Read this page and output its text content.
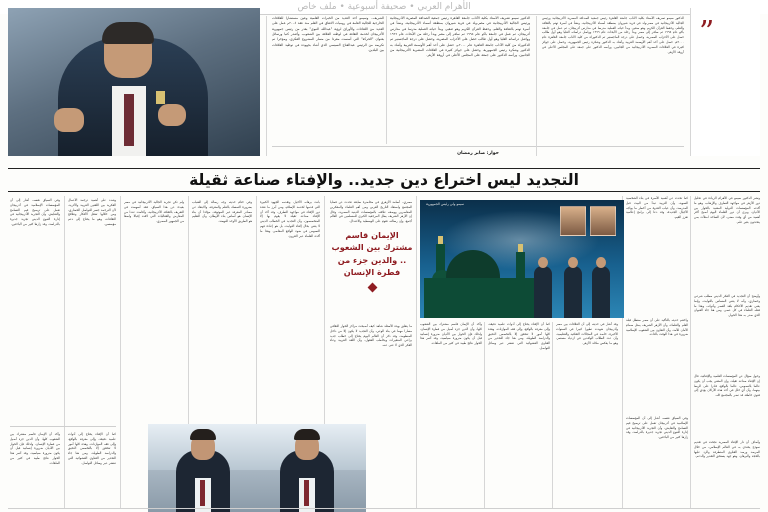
الأهرام العربي • صحيفة أسبوعية • ملف خاص
الدكتور سيمو تصريف الأستاذ بكلية الآداب جامعة القاهرة رئيس جمعية الصداقة المصرية الأذربيجانية ورئيس الجالية الأذربيجانية في مصر،ولد في قرية شيروان بمنطقة أسماء الأذربيجانية، ونشأ في أسرة تهتم بالثقافة والعلم، وحفظ القرآن الكريم وهو صغير، وبدأ حياته العملية مدرسا في مدارس أذربيجان، ثم عمل في جامعة باكو عام ١٩٩٥ ثم سافر إلى مصر وبدأ رحلة من الأبحاث عام ١٩٩٦ وواصل دراساته العليا وهو أول طالب حصل على الأحزاب المصرية، وحصل على درجة الماجستير ثم الدكتوراه من كلية الآداب جامعة القاهرة عام ٢٠٠٠م، حصل على أحد أهم الأوسمة العربية وأشاد به الدكتور وشكره رئيس الجمهورية، وحصل على جوائز كثيرة في العلاقات المصرية الأذربيجانية من الجانبين، ورأسه الدكتور على جمعة على المجلس الأعلى في أروقة الأزهر.
الشريف.. وسيمو أحد العديد من الخبرات العلمية وعين مستشارا للعلاقات الخارجية للجالية العامة في روميات الاتفاق في العلم منذ عقد ٢٠٠٤م عمل على العديد من اللقاءات والأوراق لرؤية "عبدالله النبوي" بقدر من رئيس جمهورية الأذربيجان لخدمة الثقافة في لوطنه العلاقة بين الشعوب، وأصدر كتبا ورسائل بعنوان "الحركة" التي أسست مفردا من مسار المشروع الفكري، ومؤخرا تم تكريمه من الرئيس عبدالفتاح السيسي الذي أشاد بجهوده في توطيد العلاقات بين البلدين.
حوار: صابر رمضان
”
الدكتور سيمو تصريف الأستاذ بكلية الآداب جامعة القاهرة رئيس جمعية الصداقة المصرية الأذربيجانية ورئيس الجالية الأذربيجانية في مصر،ولد في قرية شيروان بمنطقة أسماء الأذربيجانية، ونشأ في أسرة تهتم بالثقافة والعلم، وحفظ القرآن الكريم وهو صغير، وبدأ حياته العملية مدرسا في مدارس أذربيجان، ثم عمل في جامعة باكو عام ١٩٩٥ ثم سافر إلى مصر وبدأ رحلة من الأبحاث عام ١٩٩٦ وواصل دراساته العليا وهو أول طالب حصل على الأحزاب المصرية، وحصل على درجة الماجستير ثم الدكتوراه من كلية الآداب جامعة القاهرة عام ٢٠٠٠م، حصل على أحد أهم الأوسمة العربية وأشاد به الدكتور وشكره رئيس الجمهورية، وحصل على جوائز كثيرة في العلاقات المصرية الأذربيجانية من الجانبين، ورأسه الدكتور على جمعة على المجلس الأعلى في أروقة الأزهر.
التجديد ليس اختراع دين جديد.. والإفتاء صناعة ثقيلة
ونشر الدكتور سيمو في الأهرام الزيادة في تحليل دور الأزهر في مواجهة التطرف والإرهاب، وهو ما أكدته المؤسسات الدولية المعنية بالحوار بين الأديان، ويرى أن دور العلماء اليوم أصبح أكثر أهمية من أي وقت مضى، لأن الساحة امتلأت بمن يتحدثون بغير علم.
وأوضح أن التجديد في الفكر الديني مطلب شرعي وحضاري، وأنه لا يعني المساس بالثوابت، وإنما يعني تقديم الأحكام بلغة العصر وأدواته، وهذا ما فعله العلماء في كل عصر، ومن هنا جاء العنوان الذي صدر به هذا الحوار.
وحول سؤال عن المؤسسات العلمية والإفتائية، قال إن الإفتاء صناعة ثقيلة، وإن المفتي يجب أن يكون عالما بالنصوص، عالما بالواقع، قادرا على الربط بينهما، وأن أي خلل في أحد هذه الأركان يؤدي إلى فتوى خاطئة قد تضر بالمجتمع كله.
وأضاف أن دار الإفتاء المصرية نجحت في تقديم نموذج يحتذى به في العالم الإسلامي، من خلال المرصد ورصد الفتاوى المتطرفة والرد عليها بالحجة والبرهان، وهو جهد يستحق التقدير والدعم.
كما تحدث عن أهمية الأسرة في بناء الشخصية السوية، وأن التربية تبدأ من البيت قبل المدرسة، وأن غياب القدوة من أخطر ما يواجه الأجيال الجديدة، وقد دعا إلى برامج إعلامية تعزز القيم.
واختتم حديثه بالتأكيد على أن مصر ستظل قبلة العلم والعلماء، وأن الأزهر الشريف يمثل صمام الأمان للأمة، وأن التعاون بين الشعوب الإسلامية ضرورة في هذا الوقت بالذات.
وفي السياق نفسه، أشار إلى أن المؤسسات الإسلامية في أذربيجان تعمل على ترسيخ قيم التسامح والتعايش، وأن التجربة الأذربيجانية في إدارة التنوع الديني تجربة جديرة بالدراسة، وقد زارها كثير من الباحثين.
سيمو ولي رئيس الجمهورية
الإيمان قاسم
مشترك بين الشعوب
.. والدين جزء من
فطرة الإنسان
وقد أشار في حديثه إلى أن العلاقات بين مصر وأذربيجان شهدت تطورا كبيرا في السنوات الأخيرة، خاصة في المجالات الثقافية والتعليمية، وأن عدد الطلاب الوافدين في ازدياد مستمر، وهو ما يعكس مكانة الأزهر.
كما أن الإفتاء يحتاج إلى أدوات علمية دقيقة، وإلى معرفة بالواقع، وإلى فقه الموازنات، وهذه كلها أمور لا تتحقق إلا بالتخصص الدقيق والدراسة الطويلة، ومن هنا جاء التحذير من الفتاوى العشوائية التي تنتشر عبر وسائل التواصل.
وأكد أن الإيمان قاسم مشترك بين الشعوب كلها، وأن الدين جزء أصيل من فطرة الإنسان، ولذلك فإن الحوار بين الأديان ضرورة إنسانية قبل أن يكون ضرورة سياسية، وقد أثمر هذا الحوار نتائج طيبة في كثير من الملفات.
مصري.. أسامة الأزهري في محاضرة سابقة تحدث عن قضايا المجتمع واستعاد التاريخ العربي ومن أهم العلماء والمفكرين المعاصرين ووصف علاقته بالمؤسسات الدينية المصرية، وقال إن الأزهر الشريف يظل المرجعية الكبرى للمسلمين في العالم أجمع، وإن رسالته تقوم على الوسطية والاعتدال.
ما يتعلق بهذه الأسئلة شاهد كيف أصبحت مراكز الحوار الثقافي مسارا مهما في بناء الوعي، وأن التجديد لا يكون إلا من داخل المنظومة، وقد ذكر أن العالم اليوم يحتاج إلى خطاب جديد يراعي المتغيرات ويخاطب العقول، وأن اللغة العربية وعاء الفكر الذي لا غنى عنه.
بانت برهانه الأخيار، وتقدمه الجهود الكبيرة التي قدمها لخدمة الإسلام، ومن أبرز ما نفذه دور الإفتاء في مواجهة التطرف، وقد أكد أن الإفتاء صناعة ثقيلة لا يقوم بها إلا المتخصصون، وأن التجديد في الخطاب الديني لا يعني بحال إلغاء الثوابت، بل هو إعادة فهم النصوص في ضوء الواقع المعاصر، وهذا ما أكده العلماء عبر القرون.
وفي ختام حديثه وجه رسالة إلى الشباب بضرورة التمسك بالعلم والمعرفة، والابتعاد عن مصادر المعرفة غير الموثوقة، مؤكدا أن بناء الإنسان هو أساس بناء الأوطان، وأن التعليم هو الطريق الأوحد للنهضة.
ولم تكن تجربة الجالية الأذربيجانية في مصر بعيدة عن هذا السياق، فقد أسهمت في التعريف بالثقافة الأذربيجانية، وأقامت عددا من المعارض والفعاليات التي لاقت إقبالا واسعا من الجمهور المصري.
وشدد على أهمية ترجمة الأعمال الفكرية بين اللغتين العربية والأذرية، لأن الترجمة جسر للتواصل الحضاري، ومن خلالها تنتقل الأفكار وتتلاقح الثقافات، وهو ما يحتاج إلى دعم مؤسسي.
وفي السياق نفسه، أشار إلى أن المؤسسات الإسلامية في أذربيجان تعمل على ترسيخ قيم التسامح والتعايش، وأن التجربة الأذربيجانية في إدارة التنوع الديني تجربة جديرة بالدراسة، وقد زارها كثير من الباحثين.
كما أن الإفتاء يحتاج إلى أدوات علمية دقيقة، وإلى معرفة بالواقع، وإلى فقه الموازنات، وهذه كلها أمور لا تتحقق إلا بالتخصص الدقيق والدراسة الطويلة، ومن هنا جاء التحذير من الفتاوى العشوائية التي تنتشر عبر وسائل التواصل.
وأكد أن الإيمان قاسم مشترك بين الشعوب كلها، وأن الدين جزء أصيل من فطرة الإنسان، ولذلك فإن الحوار بين الأديان ضرورة إنسانية قبل أن يكون ضرورة سياسية، وقد أثمر هذا الحوار نتائج طيبة في كثير من الملفات.
